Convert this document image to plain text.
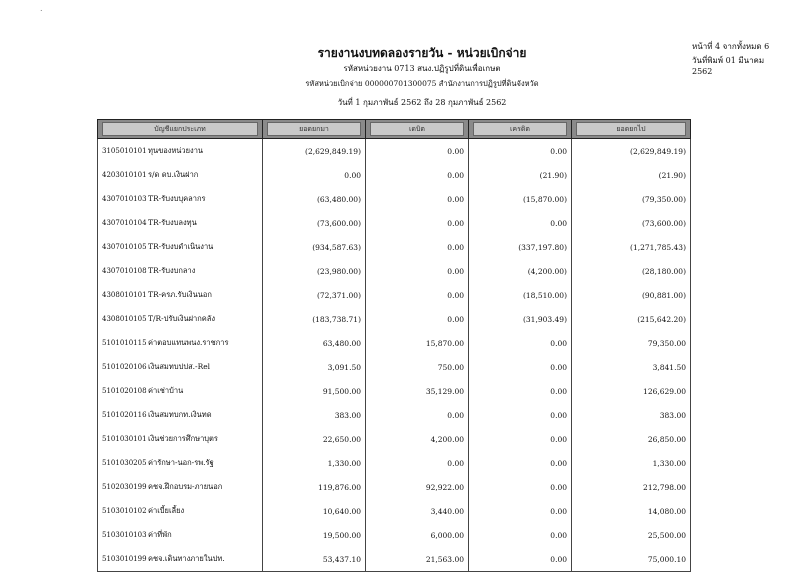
.
รายงานงบทดลองรายวัน - หน่วยเบิกจ่าย
รหัสหน่วยงาน 0713 สนง.ปฏิรูปที่ดินเพื่อเกษต
รหัสหน่วยเบิกจ่าย 000000701300075 สำนักงานการปฏิรูปที่ดินจังหวัด
วันที่ 1 กุมภาพันธ์ 2562 ถึง 28 กุมภาพันธ์ 2562
หน้าที่ 4 จากทั้งหมด 6
วันที่พิมพ์ 01 มีนาคม 2562
บัญชีแยกประเภท	ยอดยกมา	เดบิต	เครดิต	ยอดยกไป

3105010101ทุนของหน่วยงาน	(2,629,849.19)	0.00	0.00	(2,629,849.19)
4203010101ร/ด ดบ.เงินฝาก	0.00	0.00	(21.90)	(21.90)
4307010103TR-รับงบบุคลากร	(63,480.00)	0.00	(15,870.00)	(79,350.00)
4307010104TR-รับงบลงทุน	(73,600.00)	0.00	0.00	(73,600.00)
4307010105TR-รับงบดำเนินงาน	(934,587.63)	0.00	(337,197.80)	(1,271,785.43)
4307010108TR-รับงบกลาง	(23,980.00)	0.00	(4,200.00)	(28,180.00)
4308010101TR-ครภ.รับเงินนอก	(72,371.00)	0.00	(18,510.00)	(90,881.00)
4308010105T/R-ปรับเงินฝากคลัง	(183,738.71)	0.00	(31,903.49)	(215,642.20)
5101010115ค่าตอบแทนพนง.ราชการ	63,480.00	15,870.00	0.00	79,350.00
5101020106เงินสมทบปปส.-Rel	3,091.50	750.00	0.00	3,841.50
5101020108ค่าเช่าบ้าน	91,500.00	35,129.00	0.00	126,629.00
5101020116เงินสมทบกท.เงินทด	383.00	0.00	0.00	383.00
5101030101เงินช่วยการศึกษาบุตร	22,650.00	4,200.00	0.00	26,850.00
5101030205ค่ารักษา-นอก-รพ.รัฐ	1,330.00	0.00	0.00	1,330.00
5102030199คชจ.ฝึกอบรม-ภายนอก	119,876.00	92,922.00	0.00	212,798.00
5103010102ค่าเบี้ยเลี้ยง	10,640.00	3,440.00	0.00	14,080.00
5103010103ค่าที่พัก	19,500.00	6,000.00	0.00	25,500.00
5103010199คชจ.เดินทางภายในปท.	53,437.10	21,563.00	0.00	75,000.10
